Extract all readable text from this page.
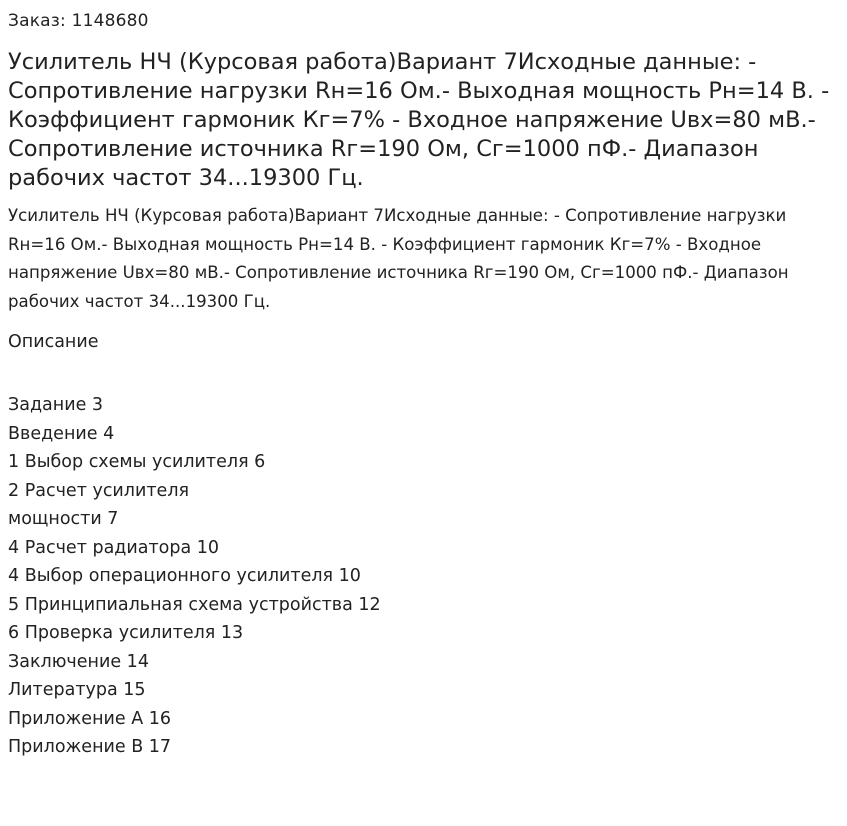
Заказ: 1148680
Усилитель НЧ (Курсовая работа)Вариант 7Исходные данные: - Сопротивление нагрузки Rн=16 Ом.- Выходная мощность Рн=14 В. - Коэффициент гармоник Кг=7% - Входное напряжение Uвх=80 мВ.- Сопротивление источника Rг=190 Ом, Сг=1000 пФ.- Диапазон рабочих частот 34...19300 Гц.

Усилитель НЧ (Курсовая работа)Вариант 7Исходные данные: - Сопротивление нагрузки Rн=16 Ом.- Выходная мощность Рн=14 В. - Коэффициент гармоник Кг=7% - Входное напряжение Uвх=80 мВ.- Сопротивление источника Rг=190 Ом, Сг=1000 пФ.- Диапазон рабочих частот 34...19300 Гц.

Описание
Задание 3
Введение 4
1 Выбор схемы усилителя 6
2 Расчет усилителя
мощности 7
4 Расчет радиатора 10
4 Выбор операционного усилителя 10
5 Принципиальная схема устройства 12
6 Проверка усилителя 13
Заключение 14
Литература 15
Приложение А 16
Приложение В 17
